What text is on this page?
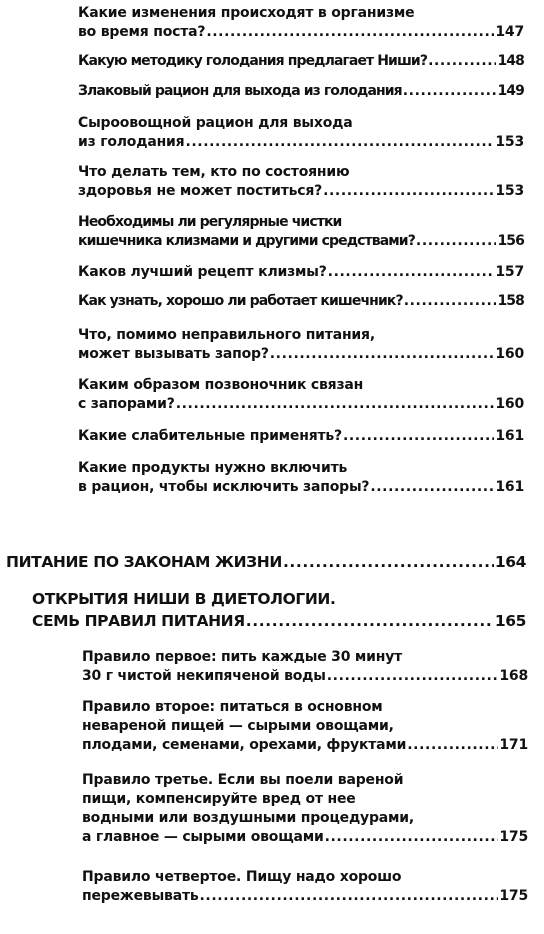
Какие изменения происходят в организме
во время поста? .....	147
Какую методику голодания предлагает Ниши? .....	148
Злаковый рацион для выхода из голодания .....	149
Сыроовощной рацион для выхода
из голодания .....	153
Что делать тем, кто по состоянию
здоровья не может поститься? .....	153
Необходимы ли регулярные чистки
кишечника клизмами и другими средствами? .....	156
Каков лучший рецепт клизмы? .....	157
Как узнать, хорошо ли работает кишечник? .....	158
Что, помимо неправильного питания,
может вызывать запор? .....	160
Каким образом позвоночник связан
с запорами? .....	160
Какие слабительные применять? .....	161
Какие продукты нужно включить
в рацион, чтобы исключить запоры? .....	161
ПИТАНИЕ ПО ЗАКОНАМ ЖИЗНИ .....	164
ОТКРЫТИЯ НИШИ В ДИЕТОЛОГИИ.
СЕМЬ ПРАВИЛ ПИТАНИЯ .....	165
Правило первое: пить каждые 30 минут
30 г чистой некипяченой воды .....	168
Правило второе: питаться в основном
невареной пищей — сырыми овощами,
плодами, семенами, орехами, фруктами .....	171
Правило третье. Если вы поели вареной
пищи, компенсируйте вред от нее
водными или воздушными процедурами,
а главное — сырыми овощами .....	175
Правило четвертое. Пищу надо хорошо
пережевывать .....	175
